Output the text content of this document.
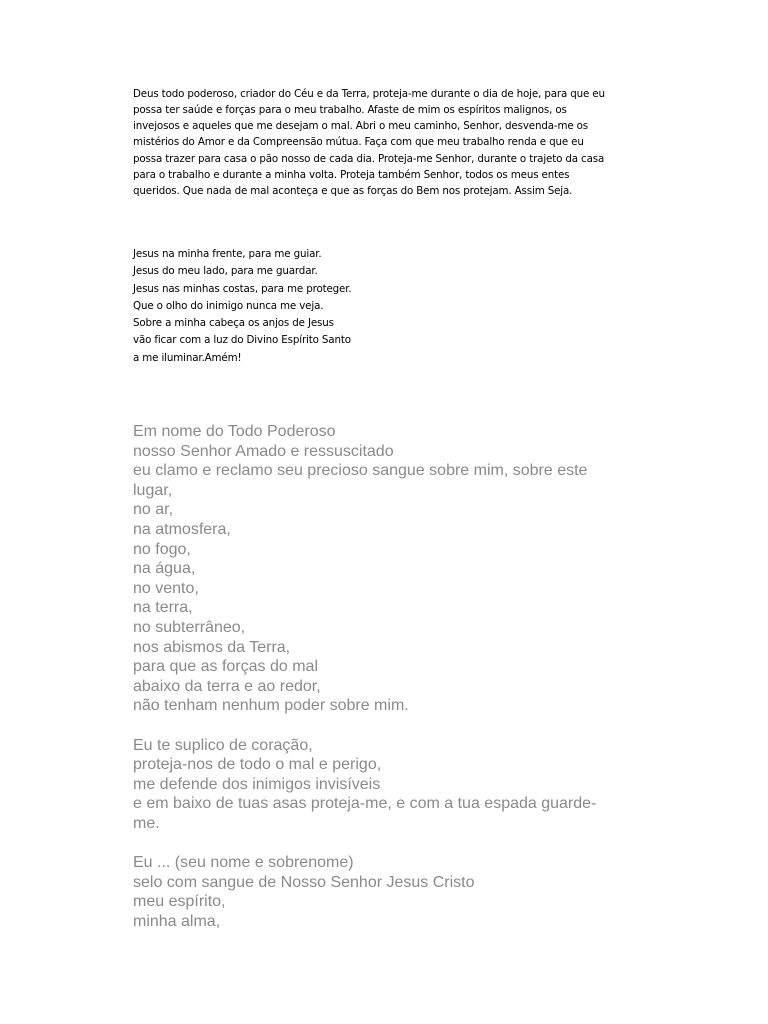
Deus todo poderoso, criador do Céu e da Terra, proteja-me durante o dia de hoje, para que eu
possa ter saúde e forças para o meu trabalho. Afaste de mim os espíritos malignos, os
invejosos e aqueles que me desejam o mal. Abri o meu caminho, Senhor, desvenda-me os
mistérios do Amor e da Compreensão mútua. Faça com que meu trabalho renda e que eu
possa trazer para casa o pão nosso de cada dia. Proteja-me Senhor, durante o trajeto da casa
para o trabalho e durante a minha volta. Proteja também Senhor, todos os meus entes
queridos. Que nada de mal aconteça e que as forças do Bem nos protejam. Assim Seja.
Jesus na minha frente, para me guiar.
Jesus do meu lado, para me guardar.
Jesus nas minhas costas, para me proteger.
Que o olho do inimigo nunca me veja.
Sobre a minha cabeça os anjos de Jesus
vão ficar com a luz do Divino Espírito Santo
a me iluminar.Amém!
Em nome do Todo Poderoso
nosso Senhor Amado e ressuscitado
eu clamo e reclamo seu precioso sangue sobre mim, sobre este
lugar,
no ar,
na atmosfera,
no fogo,
na água,
no vento,
na terra,
no subterrâneo,
nos abismos da Terra,
para que as forças do mal
abaixo da terra e ao redor,
não tenham nenhum poder sobre mim.
Eu te suplico de coração,
proteja-nos de todo o mal e perigo,
me defende dos inimigos invisíveis
e em baixo de tuas asas proteja-me, e com a tua espada guarde-
me.
Eu ... (seu nome e sobrenome)
selo com sangue de Nosso Senhor Jesus Cristo
meu espírito,
minha alma,
